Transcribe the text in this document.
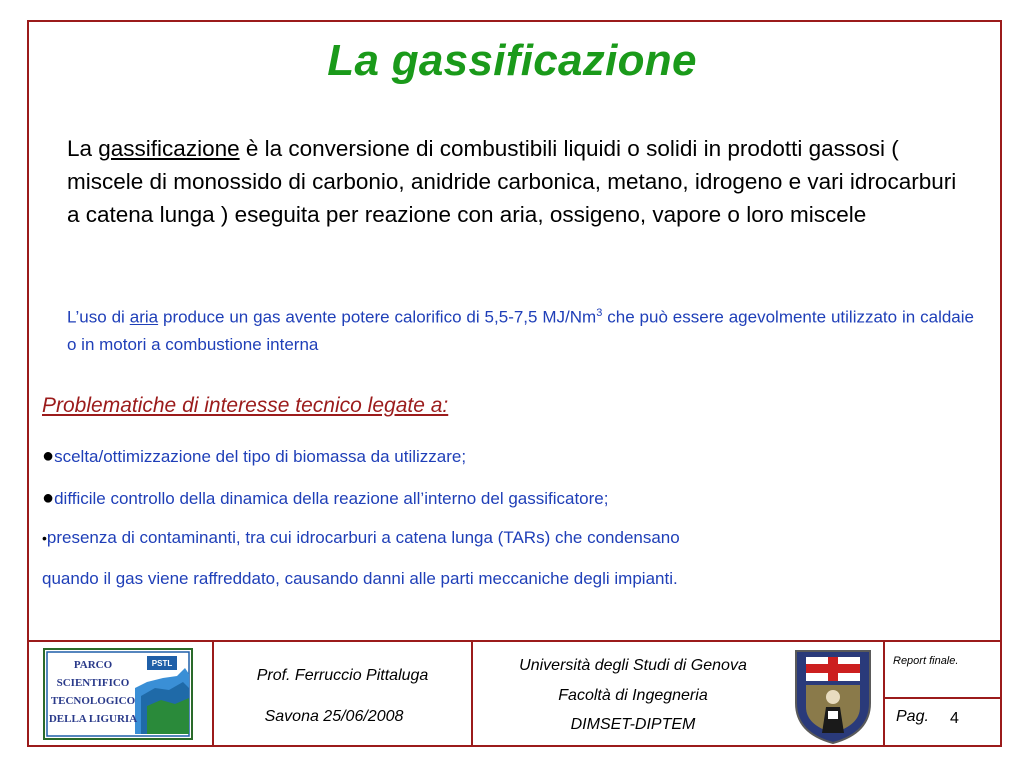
La gassificazione
La gassificazione è la conversione di combustibili liquidi o solidi in prodotti gassosi ( miscele di monossido di carbonio, anidride carbonica, metano, idrogeno e vari idrocarburi a catena lunga ) eseguita per reazione con aria, ossigeno, vapore o loro miscele
L’uso di aria produce un gas avente potere calorifico di 5,5-7,5 MJ/Nm$^3$ che può essere agevolmente utilizzato in caldaie o in motori a combustione interna
Problematiche di interesse tecnico legate a:
●scelta/ottimizzazione del tipo di biomassa da utilizzare;
●difficile controllo della dinamica della reazione all’interno del gassificatore;
•presenza di contaminanti, tra cui idrocarburi a catena lunga (TARs) che condensano
quando il gas viene raffreddato, causando danni alle parti meccaniche degli impianti.
PSTL
PARCO
SCIENTIFICO
TECNOLOGICO
DELLA LIGURIA
Prof. Ferruccio Pittaluga
Savona 25/06/2008
Università degli Studi di Genova
Facoltà di Ingegneria
DIMSET-DIPTEM
Report finale.
Pag. 4
